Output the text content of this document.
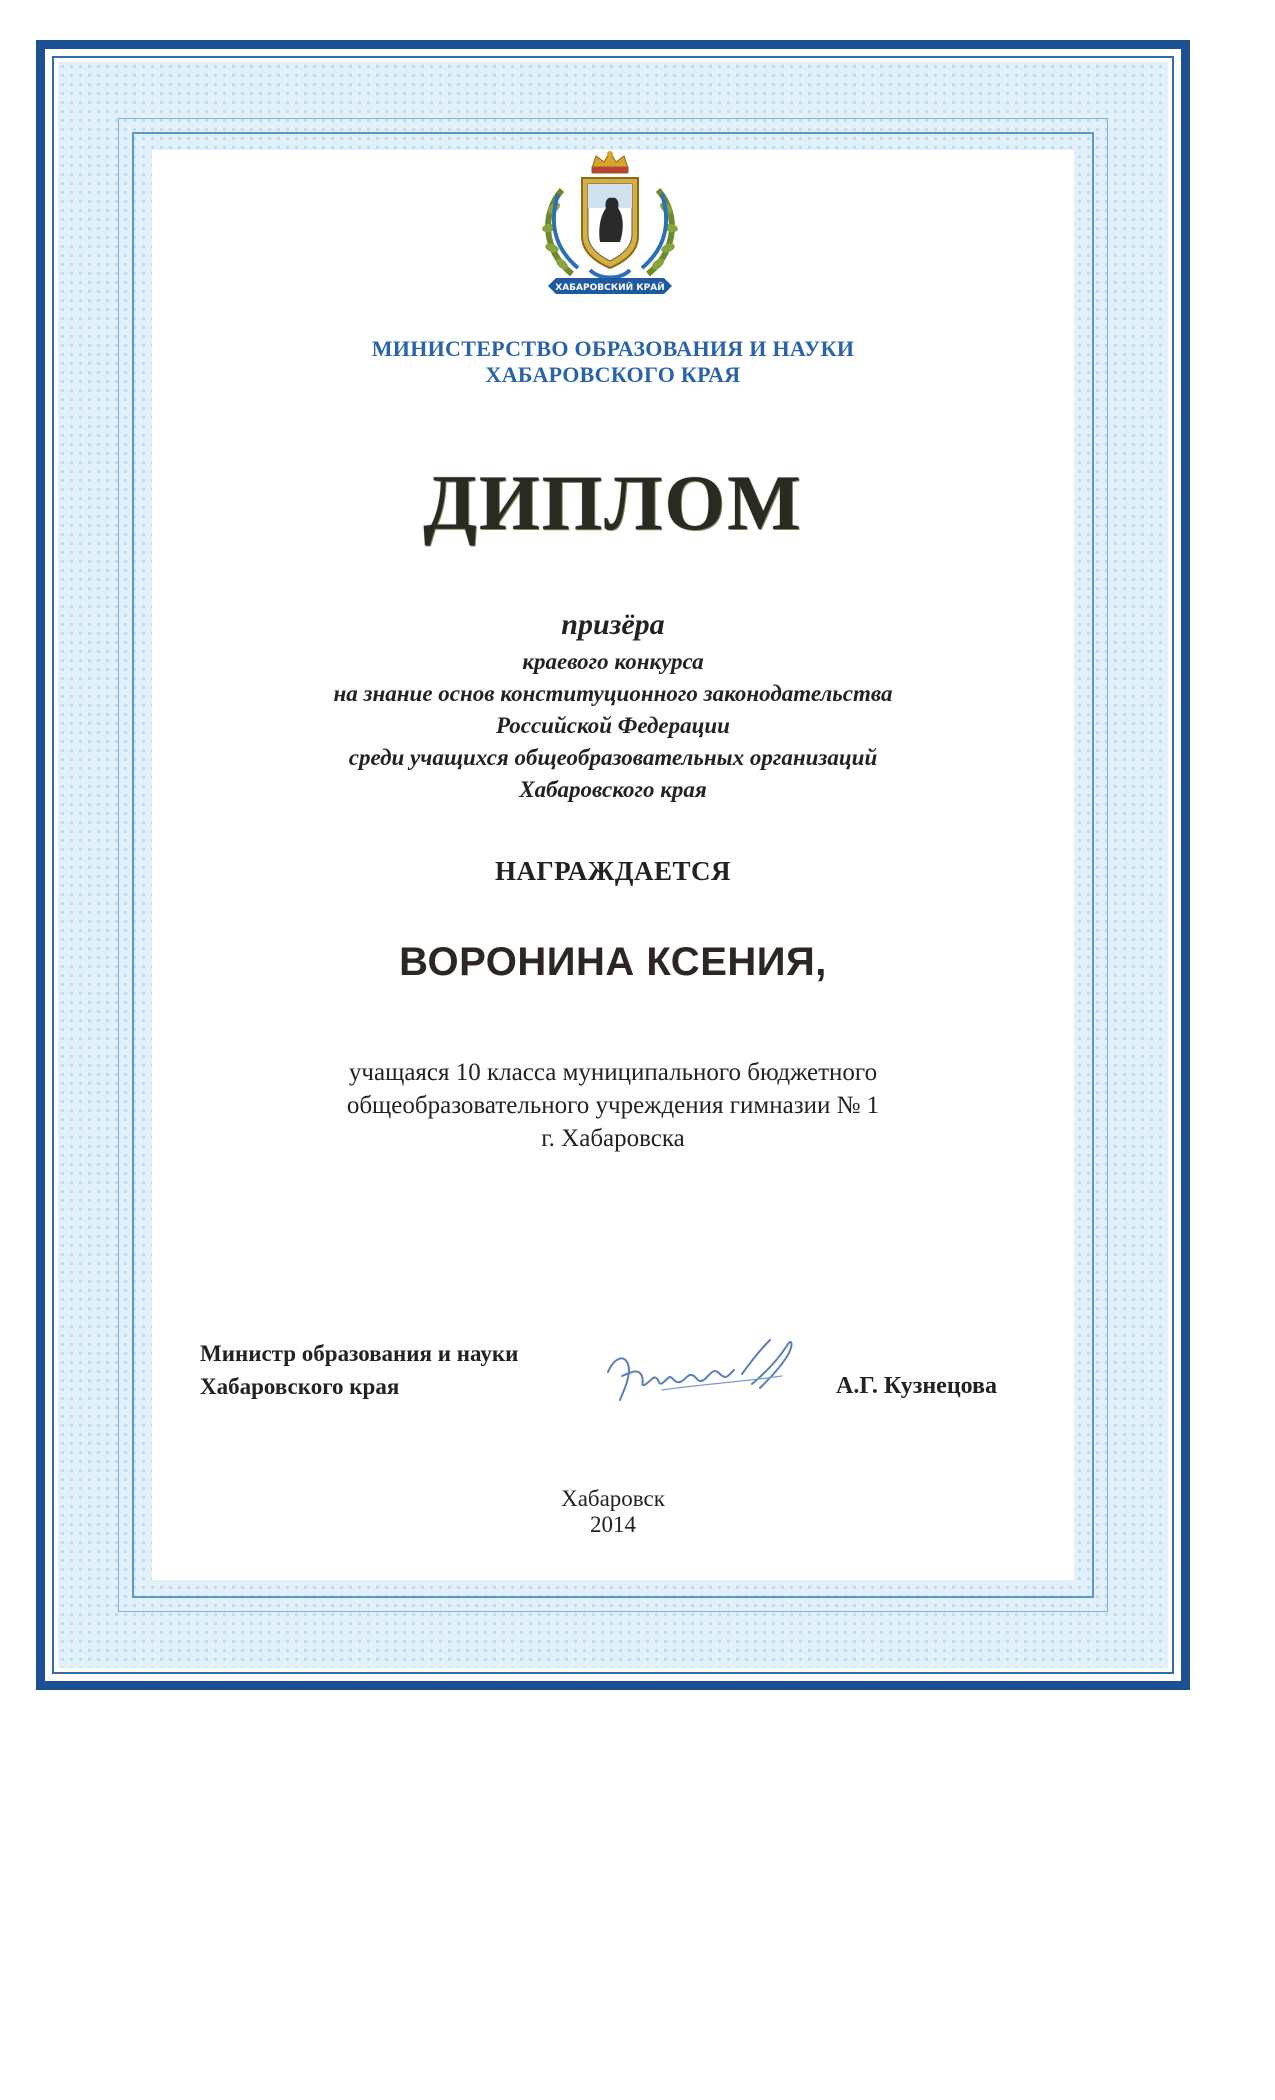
ХАБАРОВСКИЙ КРАЙ
МИНИСТЕРСТВО ОБРАЗОВАНИЯ И НАУКИ
ХАБАРОВСКОГО КРАЯ
ДИПЛОМ
призёра
краевого конкурса
на знание основ конституционного законодательства
Российской Федерации
среди учащихся общеобразовательных организаций
Хабаровского края
НАГРАЖДАЕТСЯ
ВОРОНИНА КСЕНИЯ,
учащаяся 10 класса муниципального бюджетного
общеобразовательного учреждения гимназии № 1
г. Хабаровска
Министр образования и науки
Хабаровского края	А.Г. Кузнецова
Хабаровск
2014
